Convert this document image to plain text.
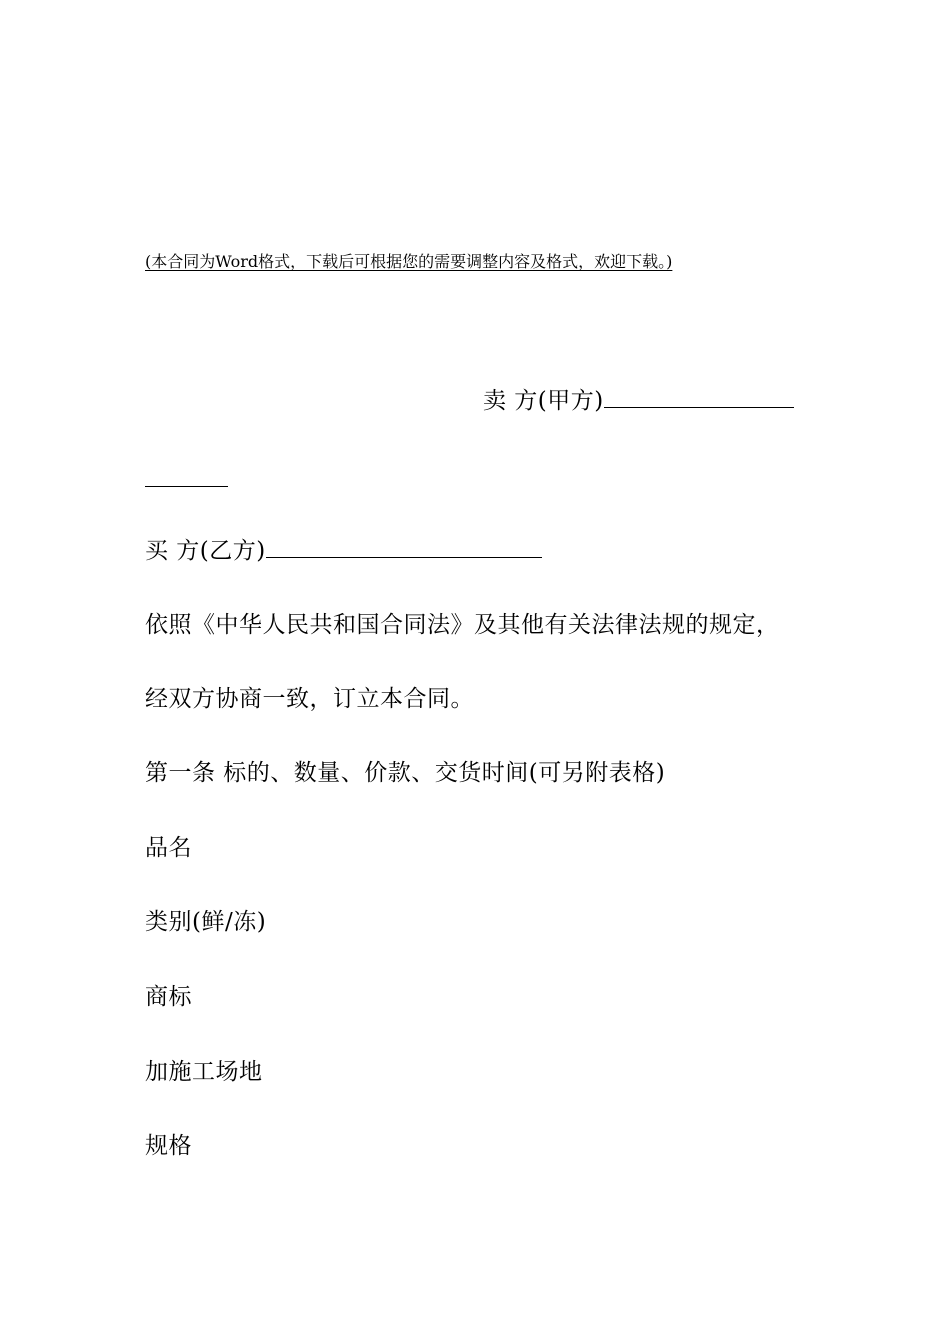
(本合同为Word格式，下载后可根据您的需要调整内容及格式，欢迎下载。)
卖 方(甲方)
买 方(乙方)
依照《中华人民共和国合同法》及其他有关法律法规的规定，
经双方协商一致，订立本合同。
第一条 标的、数量、价款、交货时间(可另附表格)
品名
类别(鲜/冻)
商标
加施工场地
规格
